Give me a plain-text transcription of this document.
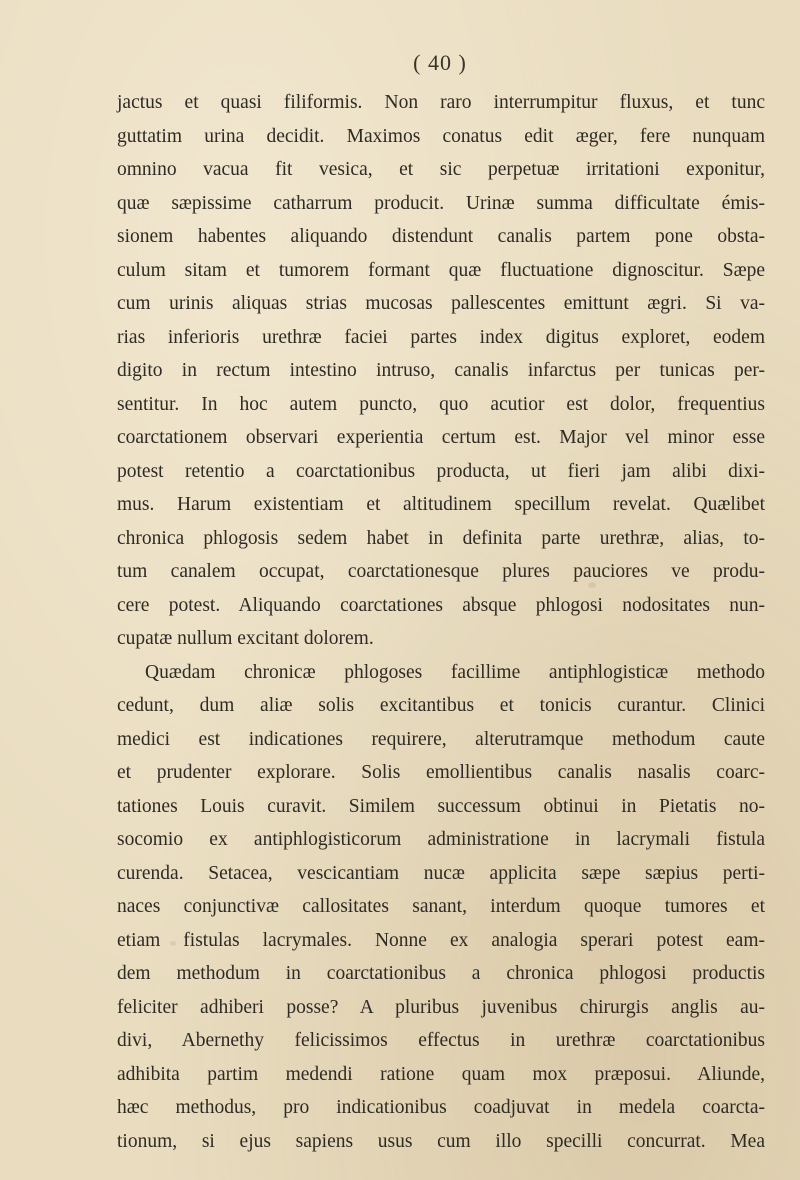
( 40 )
jactus et quasi filiformis. Non raro interrumpitur fluxus, et tunc
guttatim urina decidit. Maximos conatus edit æger, fere nunquam
omnino vacua fit vesica, et sic perpetuæ irritationi exponitur,
quæ sæpissime catharrum producit. Urinæ summa difficultate émis-
sionem habentes aliquando distendunt canalis partem pone obsta-
culum sitam et tumorem formant quæ fluctuatione dignoscitur. Sæpe
cum urinis aliquas strias mucosas pallescentes emittunt ægri. Si va-
rias inferioris urethræ faciei partes index digitus exploret, eodem
digito in rectum intestino intruso, canalis infarctus per tunicas per-
sentitur. In hoc autem puncto, quo acutior est dolor, frequentius
coarctationem observari experientia certum est. Major vel minor esse
potest retentio a coarctationibus producta, ut fieri jam alibi dixi-
mus. Harum existentiam et altitudinem specillum revelat. Quælibet
chronica phlogosis sedem habet in definita parte urethræ, alias, to-
tum canalem occupat, coarctationesque plures pauciores ve produ-
cere potest. Aliquando coarctationes absque phlogosi nodositates nun-
cupatæ nullum excitant dolorem.
Quædam chronicæ phlogoses facillime antiphlogisticæ methodo
cedunt, dum aliæ solis excitantibus et tonicis curantur. Clinici
medici est indicationes requirere, alterutramque methodum caute
et prudenter explorare. Solis emollientibus canalis nasalis coarc-
tationes Louis curavit. Similem successum obtinui in Pietatis no-
socomio ex antiphlogisticorum administratione in lacrymali fistula
curenda. Setacea, vescicantiam nucæ applicita sæpe sæpius perti-
naces conjunctivæ callositates sanant, interdum quoque tumores et
etiam fistulas lacrymales. Nonne ex analogia sperari potest eam-
dem methodum in coarctationibus a chronica phlogosi productis
feliciter adhiberi posse? A pluribus juvenibus chirurgis anglis au-
divi, Abernethy felicissimos effectus in urethræ coarctationibus
adhibita partim medendi ratione quam mox præposui. Aliunde,
hæc methodus, pro indicationibus coadjuvat in medela coarcta-
tionum, si ejus sapiens usus cum illo specilli concurrat. Mea
